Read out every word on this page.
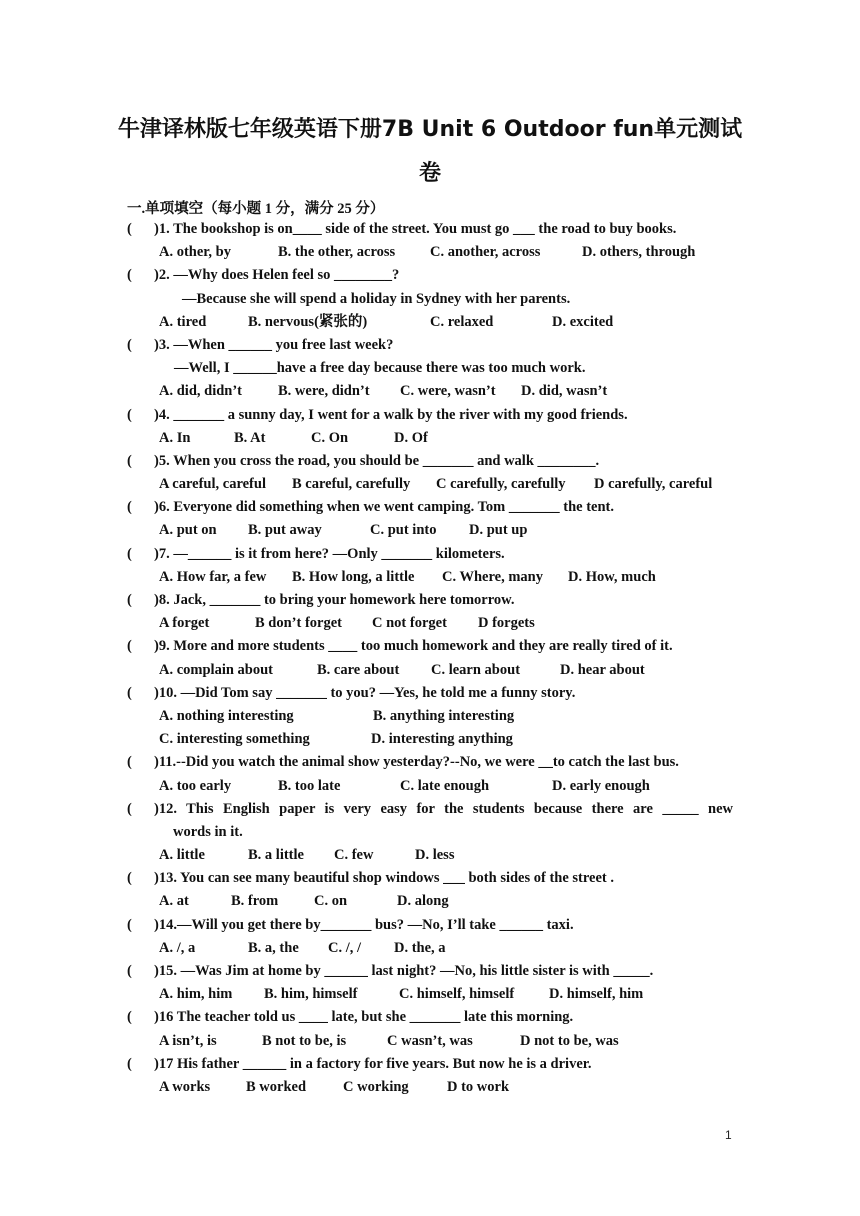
牛津译林版七年级英语下册7B Unit 6 Outdoor fun单元测试
卷
一.单项填空（每小题 1 分，满分 25 分）
( )1. The bookshop is on____ side of the street. You must go ___ the road to buy books.
A. other, by	B. the other, across C. another, across	D. others, through
( )2. —Why does Helen feel so ________?
—Because she will spend a holiday in Sydney with her parents.
A. tired	B. nervous(紧张的)	C. relaxed	D. excited
( )3. —When ______ you free last week?
—Well, I ______have a free day because there was too much work.
A. did, didn’t B. were, didn’t C. were, wasn’t D. did, wasn’t
( )4. _______ a sunny day, I went for a walk by the river with my good friends.
A. In	B. At	C. On	D. Of
( )5. When you cross the road, you should be _______ and walk ________.
A careful, careful B careful, carefully C carefully, carefully D carefully, careful
( )6. Everyone did something when we went camping. Tom _______ the tent.
A. put on B. put away	C. put into D. put up
( )7. —______ is it from here? —Only _______ kilometers.
A. How far, a few B. How long, a little C. Where, many D. How, much
( )8. Jack, _______ to bring your homework here tomorrow.
A forget	B don’t forget C not forget D forgets
( )9. More and more students ____ too much homework and they are really tired of it.
A. complain about	B. care about C. learn about	D. hear about
( )10. —Did Tom say _______ to you? —Yes, he told me a funny story.
A. nothing interesting	B. anything interesting
C. interesting something	D. interesting anything
( )11.--Did you watch the animal show yesterday?--No, we were __to catch the last bus.
A. too early	B. too late	C. late enough	D. early enough
( )12. This English paper is very easy for the students because there are _____ new
words in it.
A. little	B. a little C. few	D. less
( )13. You can see many beautiful shop windows ___ both sides of the street .
A. at	B. from C. on	D. along
( )14.—Will you get there by_______ bus? —No, I’ll take ______ taxi.
A. /, a	B. a, the C. /, / D. the, a
( )15. —Was Jim at home by ______ last night? —No, his little sister is with _____.
A. him, him B. him, himself	C. himself, himself D. himself, him
( )16 The teacher told us ____ late, but she _______ late this morning.
A isn’t, is	B not to be, is	C wasn’t, was	D not to be, was
( )17 His father ______ in a factory for five years. But now he is a driver.
A works B worked	C working	D to work
1
